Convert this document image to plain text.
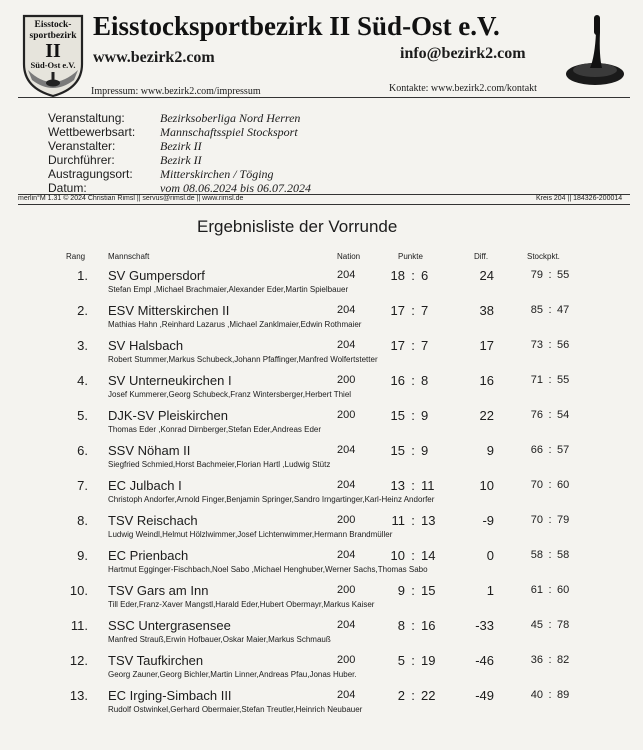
Eisstock-
sportbezirk
II
Süd-Ost e.V.
Eisstocksportbezirk II Süd-Ost e.V.
www.bezirk2.com	info@bezirk2.com
Impressum: www.bezirk2.com/impressum	Kontakte: www.bezirk2.com/kontakt
Veranstaltung:	Bezirksoberliga Nord Herren
Wettbewerbsart: Mannschaftsspiel Stocksport
Veranstalter:	Bezirk II
Durchführer:	Bezirk II
Austragungsort: Mitterskirchen / Töging
Datum:	vom 08.06.2024 bis 06.07.2024
merlin°M 1.31 © 2024 Christian Rimsl || servus@rimsl.de || www.rimsl.de	Kreis 204 || 184326-200014
Ergebnisliste der Vorrunde
Rang	Mannschaft	Nation	Punkte	Diff.	Stockpkt.
1. SV Gumpersdorf	204	18 : 6	24	79 : 55
Stefan Empl ,Michael Brachmaier,Alexander Eder,Martin Spielbauer
2. ESV Mitterskirchen II	204	17 : 7	38	85 : 47
Mathias Hahn ,Reinhard Lazarus ,Michael Zanklmaier,Edwin Rothmaier
3. SV Halsbach	204	17 : 7	17	73 : 56
Robert Stummer,Markus Schubeck,Johann Pfaffinger,Manfred Wolfertstetter
4. SV Unterneukirchen I	200	16 : 8	16	71 : 55
Josef Kummerer,Georg Schubeck,Franz Wintersberger,Herbert Thiel
5. DJK-SV Pleiskirchen	200	15 : 9	22	76 : 54
Thomas Eder ,Konrad Dirnberger,Stefan Eder,Andreas Eder
6. SSV Nöham II	204	15 : 9	9	66 : 57
Siegfried Schmied,Horst Bachmeier,Florian Hartl ,Ludwig Stütz
7. EC Julbach I	204	13 : 11	10	70 : 60
Christoph Andorfer,Arnold Finger,Benjamin Springer,Sandro Irngartinger,Karl-Heinz Andorfer
8. TSV Reischach	200	11 : 13	-9	70 : 79
Ludwig Weindl,Helmut Hölzlwimmer,Josef Lichtenwimmer,Hermann Brandmüller
9. EC Prienbach	204	10 : 14	0	58 : 58
Hartmut Egginger-Fischbach,Noel Sabo ,Michael Henghuber,Werner Sachs,Thomas Sabo
10. TSV Gars am Inn	200	9 : 15	1	61 : 60
Till Eder,Franz-Xaver Mangstl,Harald Eder,Hubert Obermayr,Markus Kaiser
11. SSC Untergrasensee	204	8 : 16	-33	45 : 78
Manfred Strauß,Erwin Hofbauer,Oskar Maier,Markus Schmauß
12. TSV Taufkirchen	200	5 : 19	-46	36 : 82
Georg Zauner,Georg Bichler,Martin Linner,Andreas Pfau,Jonas Huber.
13. EC Irging-Simbach III	204	2 : 22	-49	40 : 89
Rudolf Ostwinkel,Gerhard Obermaier,Stefan Treutler,Heinrich Neubauer
